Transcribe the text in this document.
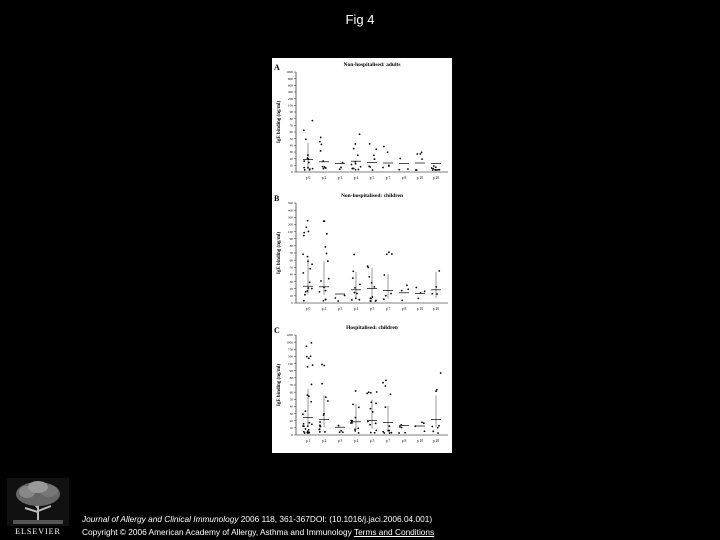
Fig 4
A	Non-hospitalised: adults
IgE binding (ng/ml)
1000
800
600
400
200
100
90
80
70
60
50
40
30
20
10
0
p 0	p 2	p 3	p 4	p 5	p 7	p 8	p 10	p 20
B	Non-hospitalised: children
IgE binding (ng/ml)
500
400
300
200
100
90
80
70
60
50
40
30
20
10
0
p 0	p 2	p 3	p 4	p 5	p 7	p 8	p 10	p 20
C	Hospitalised: children
IgE binding (ng/ml)
1200
1000
750
500
100
90
80
70
60
50
40
30
20
10
0
p 1	p 2	p 3	p 4	p 5	p 7	p 8	p 10	p 20
ELSEVIER
Journal of Allergy and Clinical Immunology 2006 118, 361-367DOI: (10.1016/j.jaci.2006.04.001)
Copyright © 2006 American Academy of Allergy, Asthma and Immunology Terms and Conditions
